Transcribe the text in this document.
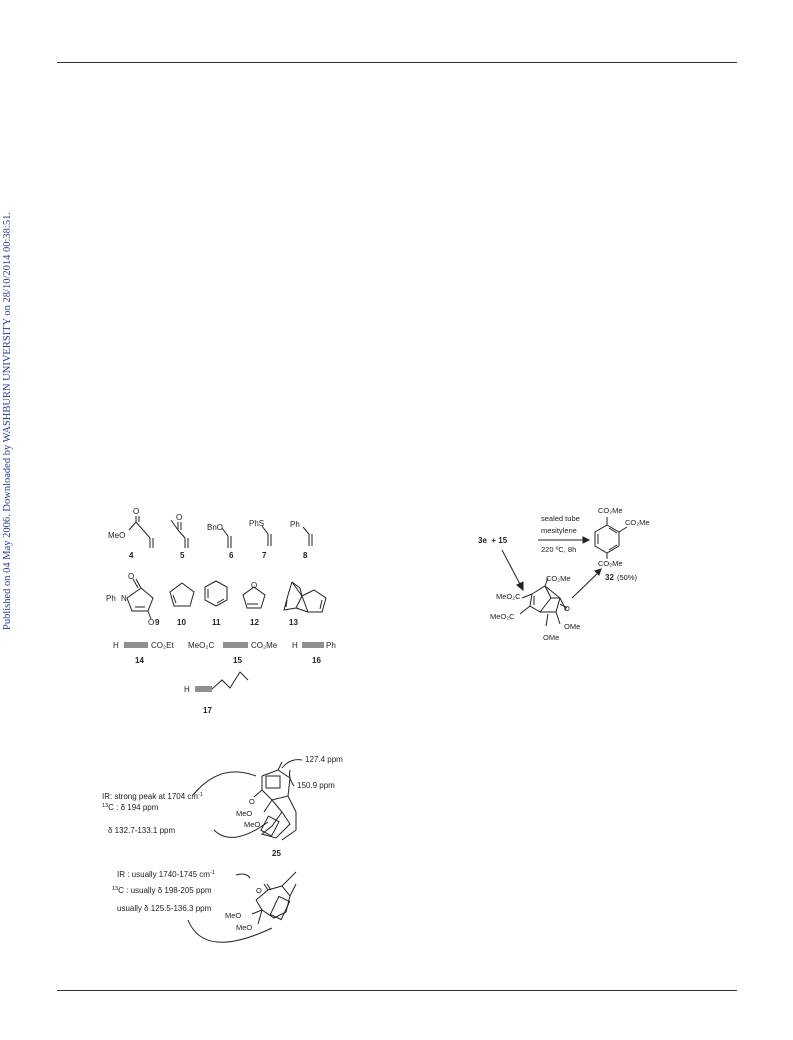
Published on 04 May 2006. Downloaded by WASHBURN UNIVERSITY on 28/10/2014 00:38:51.	MeO
O
4
O
5
BnO
6
PhS
7
Ph
8
Ph N
O
O 9 10	11
O
12	13
H	CO₂Et
14
MeO₂C	CO₂Me
15
H	Ph
16
H
17
3e  + 15
sealed tube
mesitylene
220 ºC, 8h
CO₂Me
CO₂Me
CO₂Me
32 (50%)
CO₂Me
MeO₂C
MeO₂C
O
OMe
OMe
127.4 ppm
150.9 ppm
IR: strong peak at 1704 $cm^{-1}$
$^{13}$C : δ 194 ppm
δ 132.7-133.1 ppm
O
MeO
MeO
25
IR : usually 1740-1745 $cm^{-1}$
$^{13}$C : usually δ 198-205 ppm
usually δ 125.5-136.3 ppm
O
MeO
MeO
